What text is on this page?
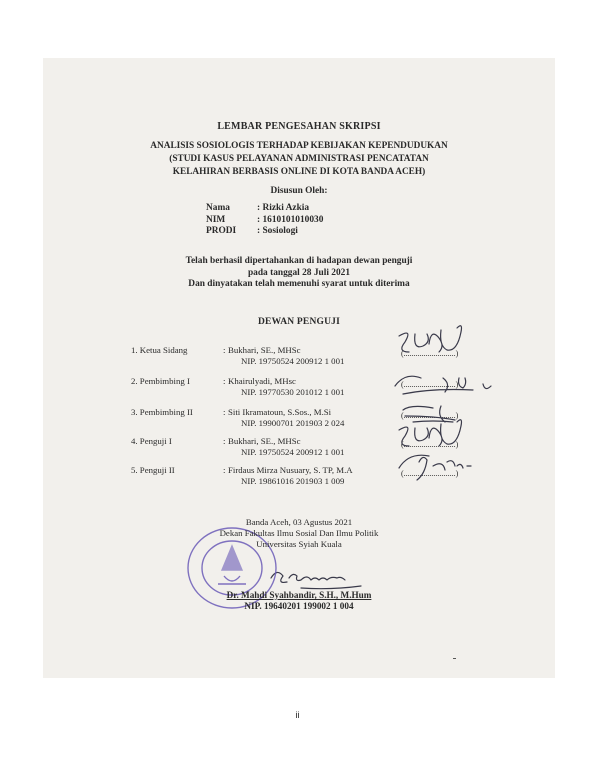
LEMBAR PENGESAHAN SKRIPSI
ANALISIS SOSIOLOGIS TERHADAP KEBIJAKAN KEPENDUDUKAN
(STUDI KASUS PELAYANAN ADMINISTRASI PENCATATAN
KELAHIRAN BERBASIS ONLINE DI KOTA BANDA ACEH)
Disusun Oleh:
Nama	: Rizki Azkia
NIM	: 1610101010030
PRODI : Sosiologi
Telah berhasil dipertahankan di hadapan dewan penguji
pada tanggal 28 Juli 2021
Dan dinyatakan telah memenuhi syarat untuk diterima
DEWAN PENGUJI
1. Ketua Sidang	: Bukhari, SE., MHSc
NIP. 19750524 200912 1 001
(..........................)
2. Pembimbing I	: Khairulyadi, MHsc
NIP. 19770530 201012 1 001
(..........................)
3. Pembimbing II	: Siti Ikramatoun, S.Sos., M.Si
NIP. 19900701 201903 2 024
(..........................)
4. Penguji I	: Bukhari, SE., MHSc
NIP. 19750524 200912 1 001
(..........................)
5. Penguji II	: Firdaus Mirza Nusuary, S. TP, M.A
NIP. 19861016 201903 1 009
(..........................)
Banda Aceh, 03 Agustus 2021
Dekan Fakultas Ilmu Sosial Dan Ilmu Politik
Universitas Syiah Kuala
Dr. Mahdi Syahbandir, S.H., M.Hum
NIP. 19640201 199002 1 004
ii
